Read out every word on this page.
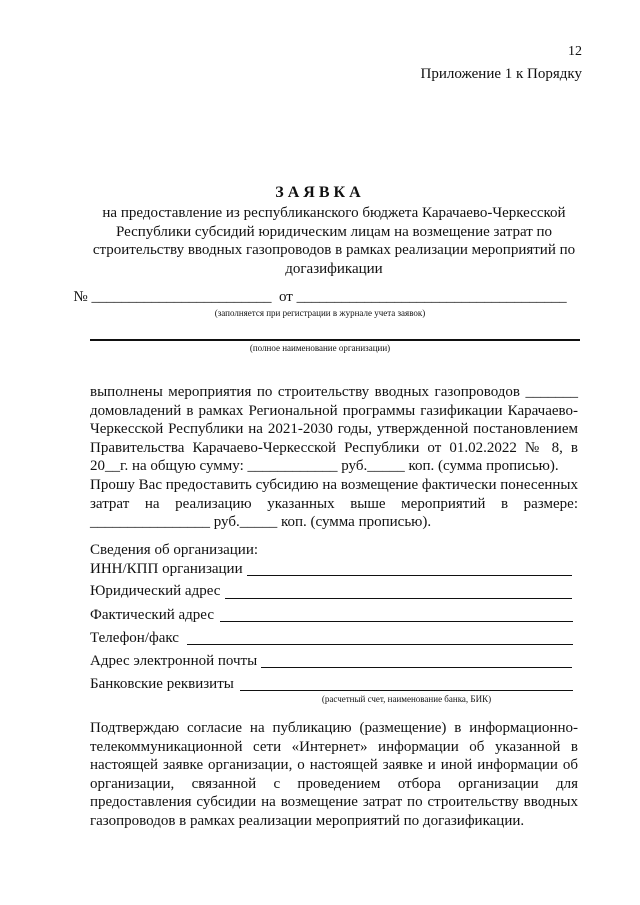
12
Приложение 1 к Порядку
ЗАЯВКА
на предоставление из республиканского бюджета Карачаево-Черкесской Республики субсидий юридическим лицам на возмещение затрат по строительству вводных газопроводов в рамках реализации мероприятий по догазификации
№ ________________________  от ____________________________________
(заполняется при регистрации в журнале учета заявок)
(полное наименование организации)

выполнены мероприятия по строительству вводных газопроводов _______ домовладений в рамках Региональной программы газификации Карачаево-Черкесской Республики на 2021-2030 годы, утвержденной постановлением Правительства Карачаево-Черкесской Республики от 01.02.2022 № 8, в 20__г. на общую сумму: ____________ руб._____ коп. (сумма прописью).

Прошу Вас предоставить субсидию на возмещение фактически понесенных затрат на реализацию указанных выше мероприятий в размере: ________________ руб._____ коп. (сумма прописью).

Сведения об организации:
ИНН/КПП организации
Юридический адрес
Фактический адрес
Телефон/факс
Адрес электронной почты
Банковские реквизиты
(расчетный счет, наименование банка, БИК)
Подтверждаю согласие на публикацию (размещение) в информационно-телекоммуникационной сети «Интернет» информации об указанной в настоящей заявке организации, о настоящей заявке и иной информации об организации, связанной с проведением отбора организации для предоставления субсидии на возмещение затрат по строительству вводных газопроводов в рамках реализации мероприятий по догазификации.
